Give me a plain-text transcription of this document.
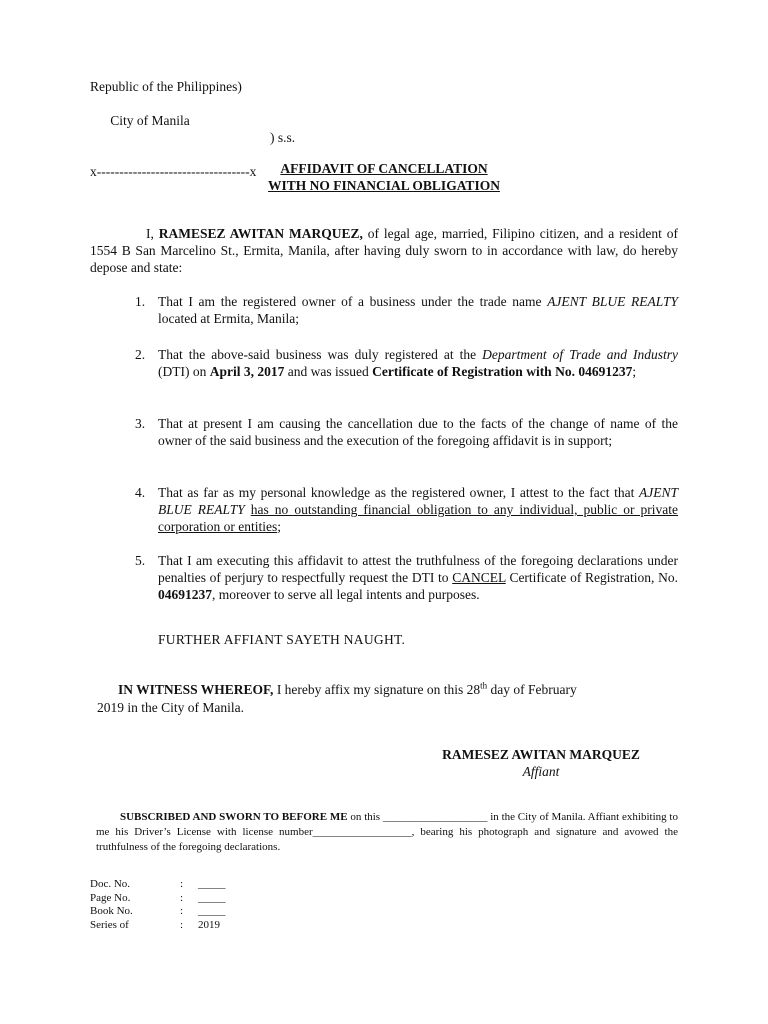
Republic of the Philippines)

City of Manila

) s.s.

x----------------------------------x	AFFIDAVIT OF CANCELLATION
WITH NO FINANCIAL OBLIGATION
I, RAMESEZ AWITAN MARQUEZ, of legal age, married, Filipino citizen, and a resident of 1554 B San Marcelino St., Ermita, Manila, after having duly sworn to in accordance with law, do hereby depose and state:
1. That I am the registered owner of a business under the trade name AJENT BLUE REALTY located at Ermita, Manila;
2. That the above-said business was duly registered at the Department of Trade and Industry (DTI) on April 3, 2017 and was issued Certificate of Registration with No. 04691237;
3. That at present I am causing the cancellation due to the facts of the change of name of the owner of the said business and the execution of the foregoing affidavit is in support;
4. That as far as my personal knowledge as the registered owner, I attest to the fact that AJENT BLUE REALTY has no outstanding financial obligation to any individual, public or private corporation or entities;
5. That I am executing this affidavit to attest the truthfulness of the foregoing declarations under penalties of perjury to respectfully request the DTI to CANCEL Certificate of Registration, No. 04691237, moreover to serve all legal intents and purposes.
FURTHER AFFIANT SAYETH NAUGHT.
IN WITNESS WHEREOF, I hereby affix my signature on this 28th day of February
2019 in the City of Manila.
RAMESEZ AWITAN MARQUEZ
Affiant
SUBSCRIBED AND SWORN TO BEFORE ME on this ___________________ in the City of Manila. Affiant exhibiting to me his Driver’s License with license number__________________, bearing his photograph and signature and avowed the truthfulness of the foregoing declarations.
Doc. No.	: _____
Page No.	: _____
Book No.	: _____
Series of	: 2019
